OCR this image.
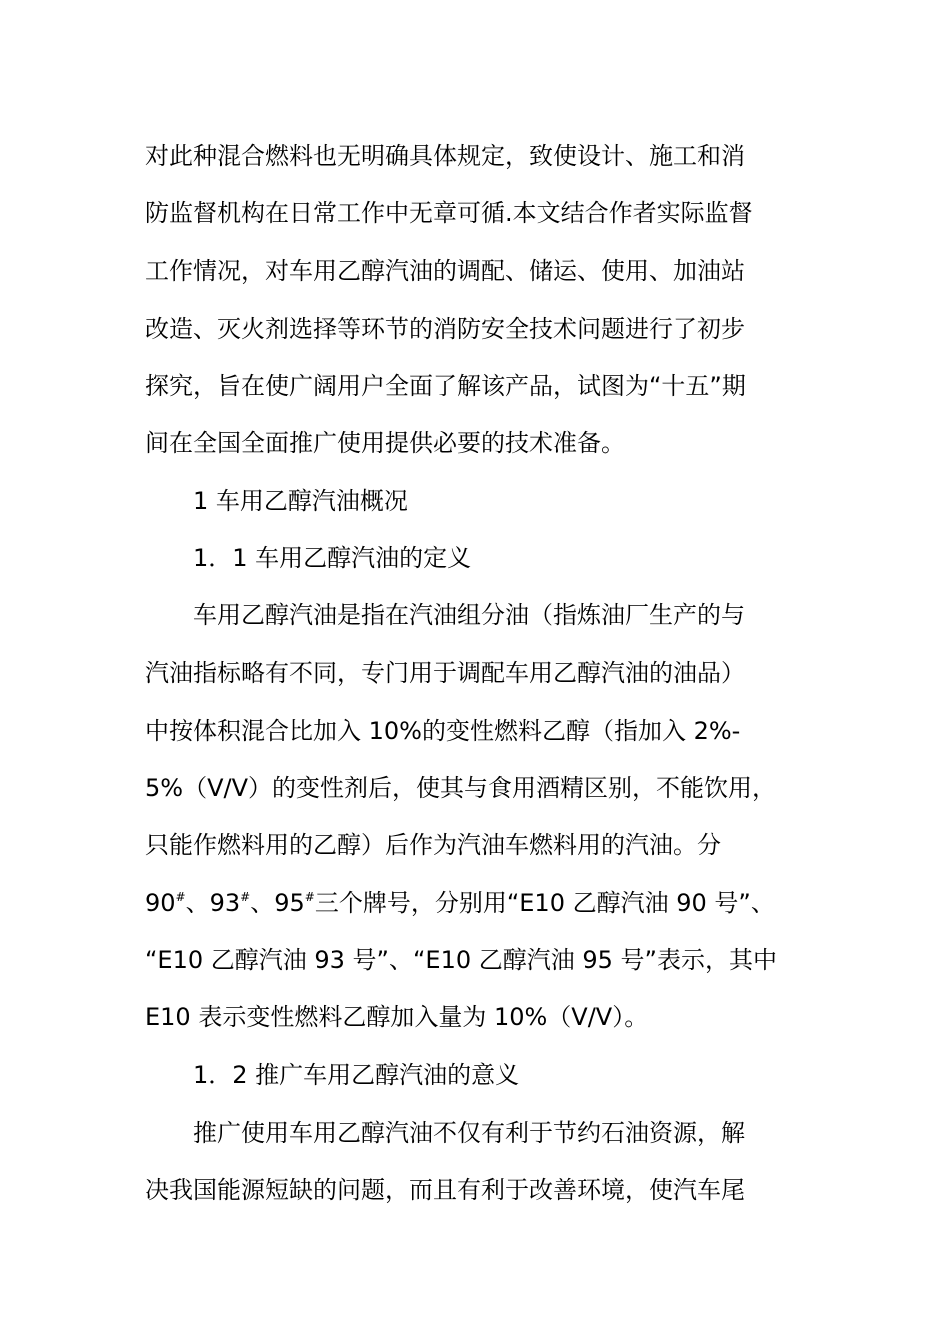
对此种混合燃料也无明确具体规定，致使设计、施工和消
防监督机构在日常工作中无章可循.本文结合作者实际监督
工作情况，对车用乙醇汽油的调配、储运、使用、加油站
改造、灭火剂选择等环节的消防安全技术问题进行了初步
探究，旨在使广阔用户全面了解该产品，试图为“十五”期
间在全国全面推广使用提供必要的技术准备。
1 车用乙醇汽油概况
1．1 车用乙醇汽油的定义
车用乙醇汽油是指在汽油组分油（指炼油厂生产的与
汽油指标略有不同，专门用于调配车用乙醇汽油的油品）
中按体积混合比加入 10%的变性燃料乙醇（指加入 2%-
5%（V/V）的变性剂后，使其与食用酒精区别，不能饮用，
只能作燃料用的乙醇）后作为汽油车燃料用的汽油。分
90#、93#、95#三个牌号，分别用“E10 乙醇汽油 90 号”、
“E10 乙醇汽油 93 号”、“E10 乙醇汽油 95 号”表示，其中
E10 表示变性燃料乙醇加入量为 10%（V/V）。
1．2 推广车用乙醇汽油的意义
推广使用车用乙醇汽油不仅有利于节约石油资源，解
决我国能源短缺的问题，而且有利于改善环境，使汽车尾
